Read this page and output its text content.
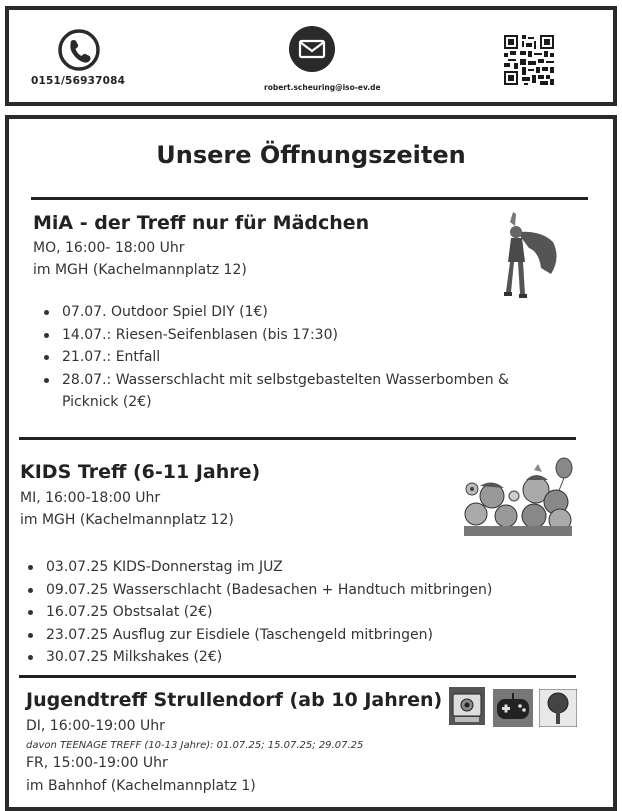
0151/56937084
robert.scheuring@iso-ev.de
Unsere Öffnungszeiten
MiA - der Treff nur für Mädchen
MO, 16:00- 18:00 Uhr
im MGH (Kachelmannplatz 12)
07.07. Outdoor Spiel DIY (1€)
14.07.: Riesen-Seifenblasen (bis 17:30)
21.07.: Entfall
28.07.: Wasserschlacht mit selbstgebastelten Wasserbomben & Picknick (2€)
KIDS Treff (6-11 Jahre)
MI, 16:00-18:00 Uhr
im MGH (Kachelmannplatz 12)
03.07.25 KIDS-Donnerstag im JUZ
09.07.25 Wasserschlacht (Badesachen + Handtuch mitbringen)
16.07.25 Obstsalat (2€)
23.07.25 Ausflug zur Eisdiele (Taschengeld mitbringen)
30.07.25 Milkshakes (2€)
Jugendtreff Strullendorf (ab 10 Jahren)
DI, 16:00-19:00 Uhr
davon TEENAGE TREFF (10-13 Jahre): 01.07.25; 15.07.25; 29.07.25
FR, 15:00-19:00 Uhr
im Bahnhof (Kachelmannplatz 1)
